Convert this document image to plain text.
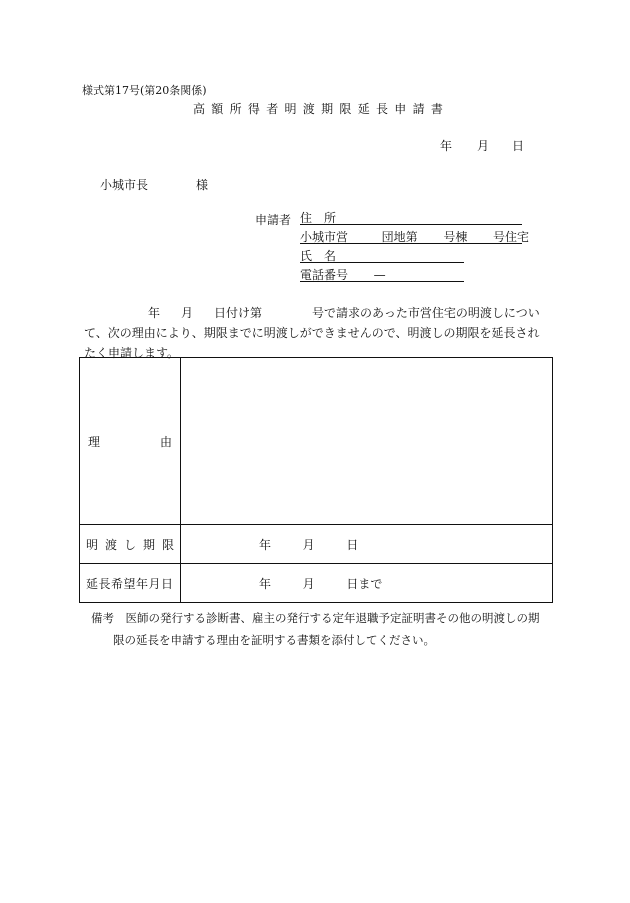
様式第17号(第20条関係)
高額所得者明渡期限延長申請書
年 月 日
小城市長	様
申請者 住　所
小城市営	団地第 号棟 号住宅
氏　名
電話番号 —
年 月 日付け第	号で請求のあった市営住宅の明渡しについて、次の理由により、期限までに明渡しができませんので、明渡しの期限を延長されたく申請します。
理 由	

明 渡 し 期 限	年 月 日

延長希望年月日	年 月 日まで
備考　医師の発行する診断書、雇主の発行する定年退職予定証明書その他の明渡しの期
限の延長を申請する理由を証明する書類を添付してください。
